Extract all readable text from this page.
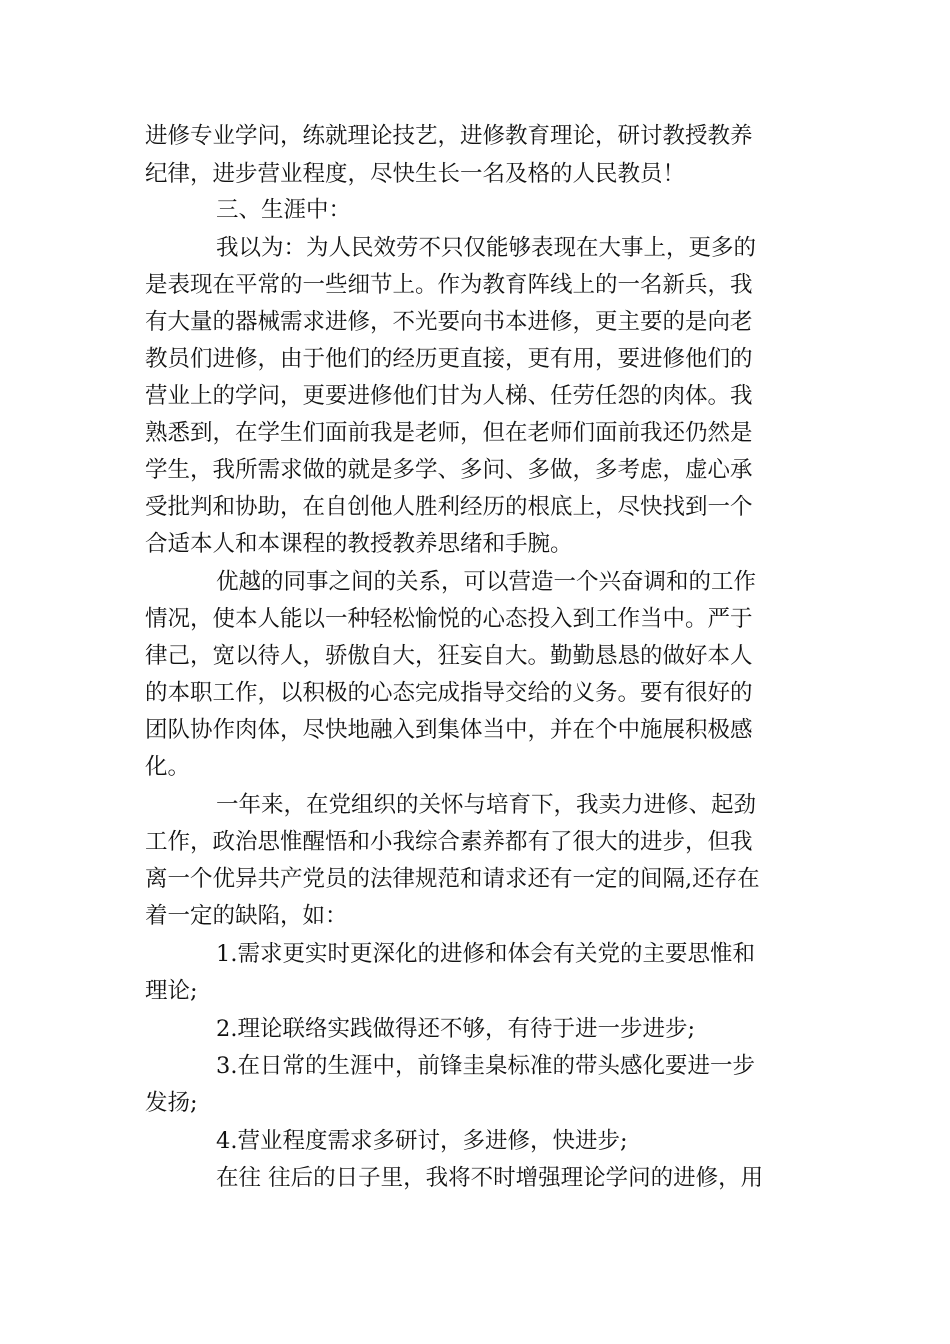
进修专业学问，练就理论技艺，进修教育理论，研讨教授教养

纪律，进步营业程度，尽快生长一名及格的人民教员！

三、生涯中：

我以为：为人民效劳不只仅能够表现在大事上，更多的

是表现在平常的一些细节上。作为教育阵线上的一名新兵，我

有大量的器械需求进修，不光要向书本进修，更主要的是向老

教员们进修，由于他们的经历更直接，更有用，要进修他们的

营业上的学问，更要进修他们甘为人梯、任劳任怨的肉体。我

熟悉到，在学生们面前我是老师，但在老师们面前我还仍然是

学生，我所需求做的就是多学、多问、多做，多考虑，虚心承

受批判和协助，在自创他人胜利经历的根底上，尽快找到一个

合适本人和本课程的教授教养思绪和手腕。

优越的同事之间的关系，可以营造一个兴奋调和的工作

情况，使本人能以一种轻松愉悦的心态投入到工作当中。严于

律己，宽以待人，骄傲自大，狂妄自大。勤勤恳恳的做好本人

的本职工作，以积极的心态完成指导交给的义务。要有很好的

团队协作肉体，尽快地融入到集体当中，并在个中施展积极感

化。

一年来，在党组织的关怀与培育下，我卖力进修、起劲

工作，政治思惟醒悟和小我综合素养都有了很大的进步，但我

离一个优异共产党员的法律规范和请求还有一定的间隔,还存在

着一定的缺陷，如：

1.需求更实时更深化的进修和体会有关党的主要思惟和

理论;

2.理论联络实践做得还不够，有待于进一步进步;

3.在日常的生涯中，前锋圭臬标准的带头感化要进一步

发扬;

4.营业程度需求多研讨，多进修，快进步;

在往 往后的日子里，我将不时增强理论学问的进修，用
